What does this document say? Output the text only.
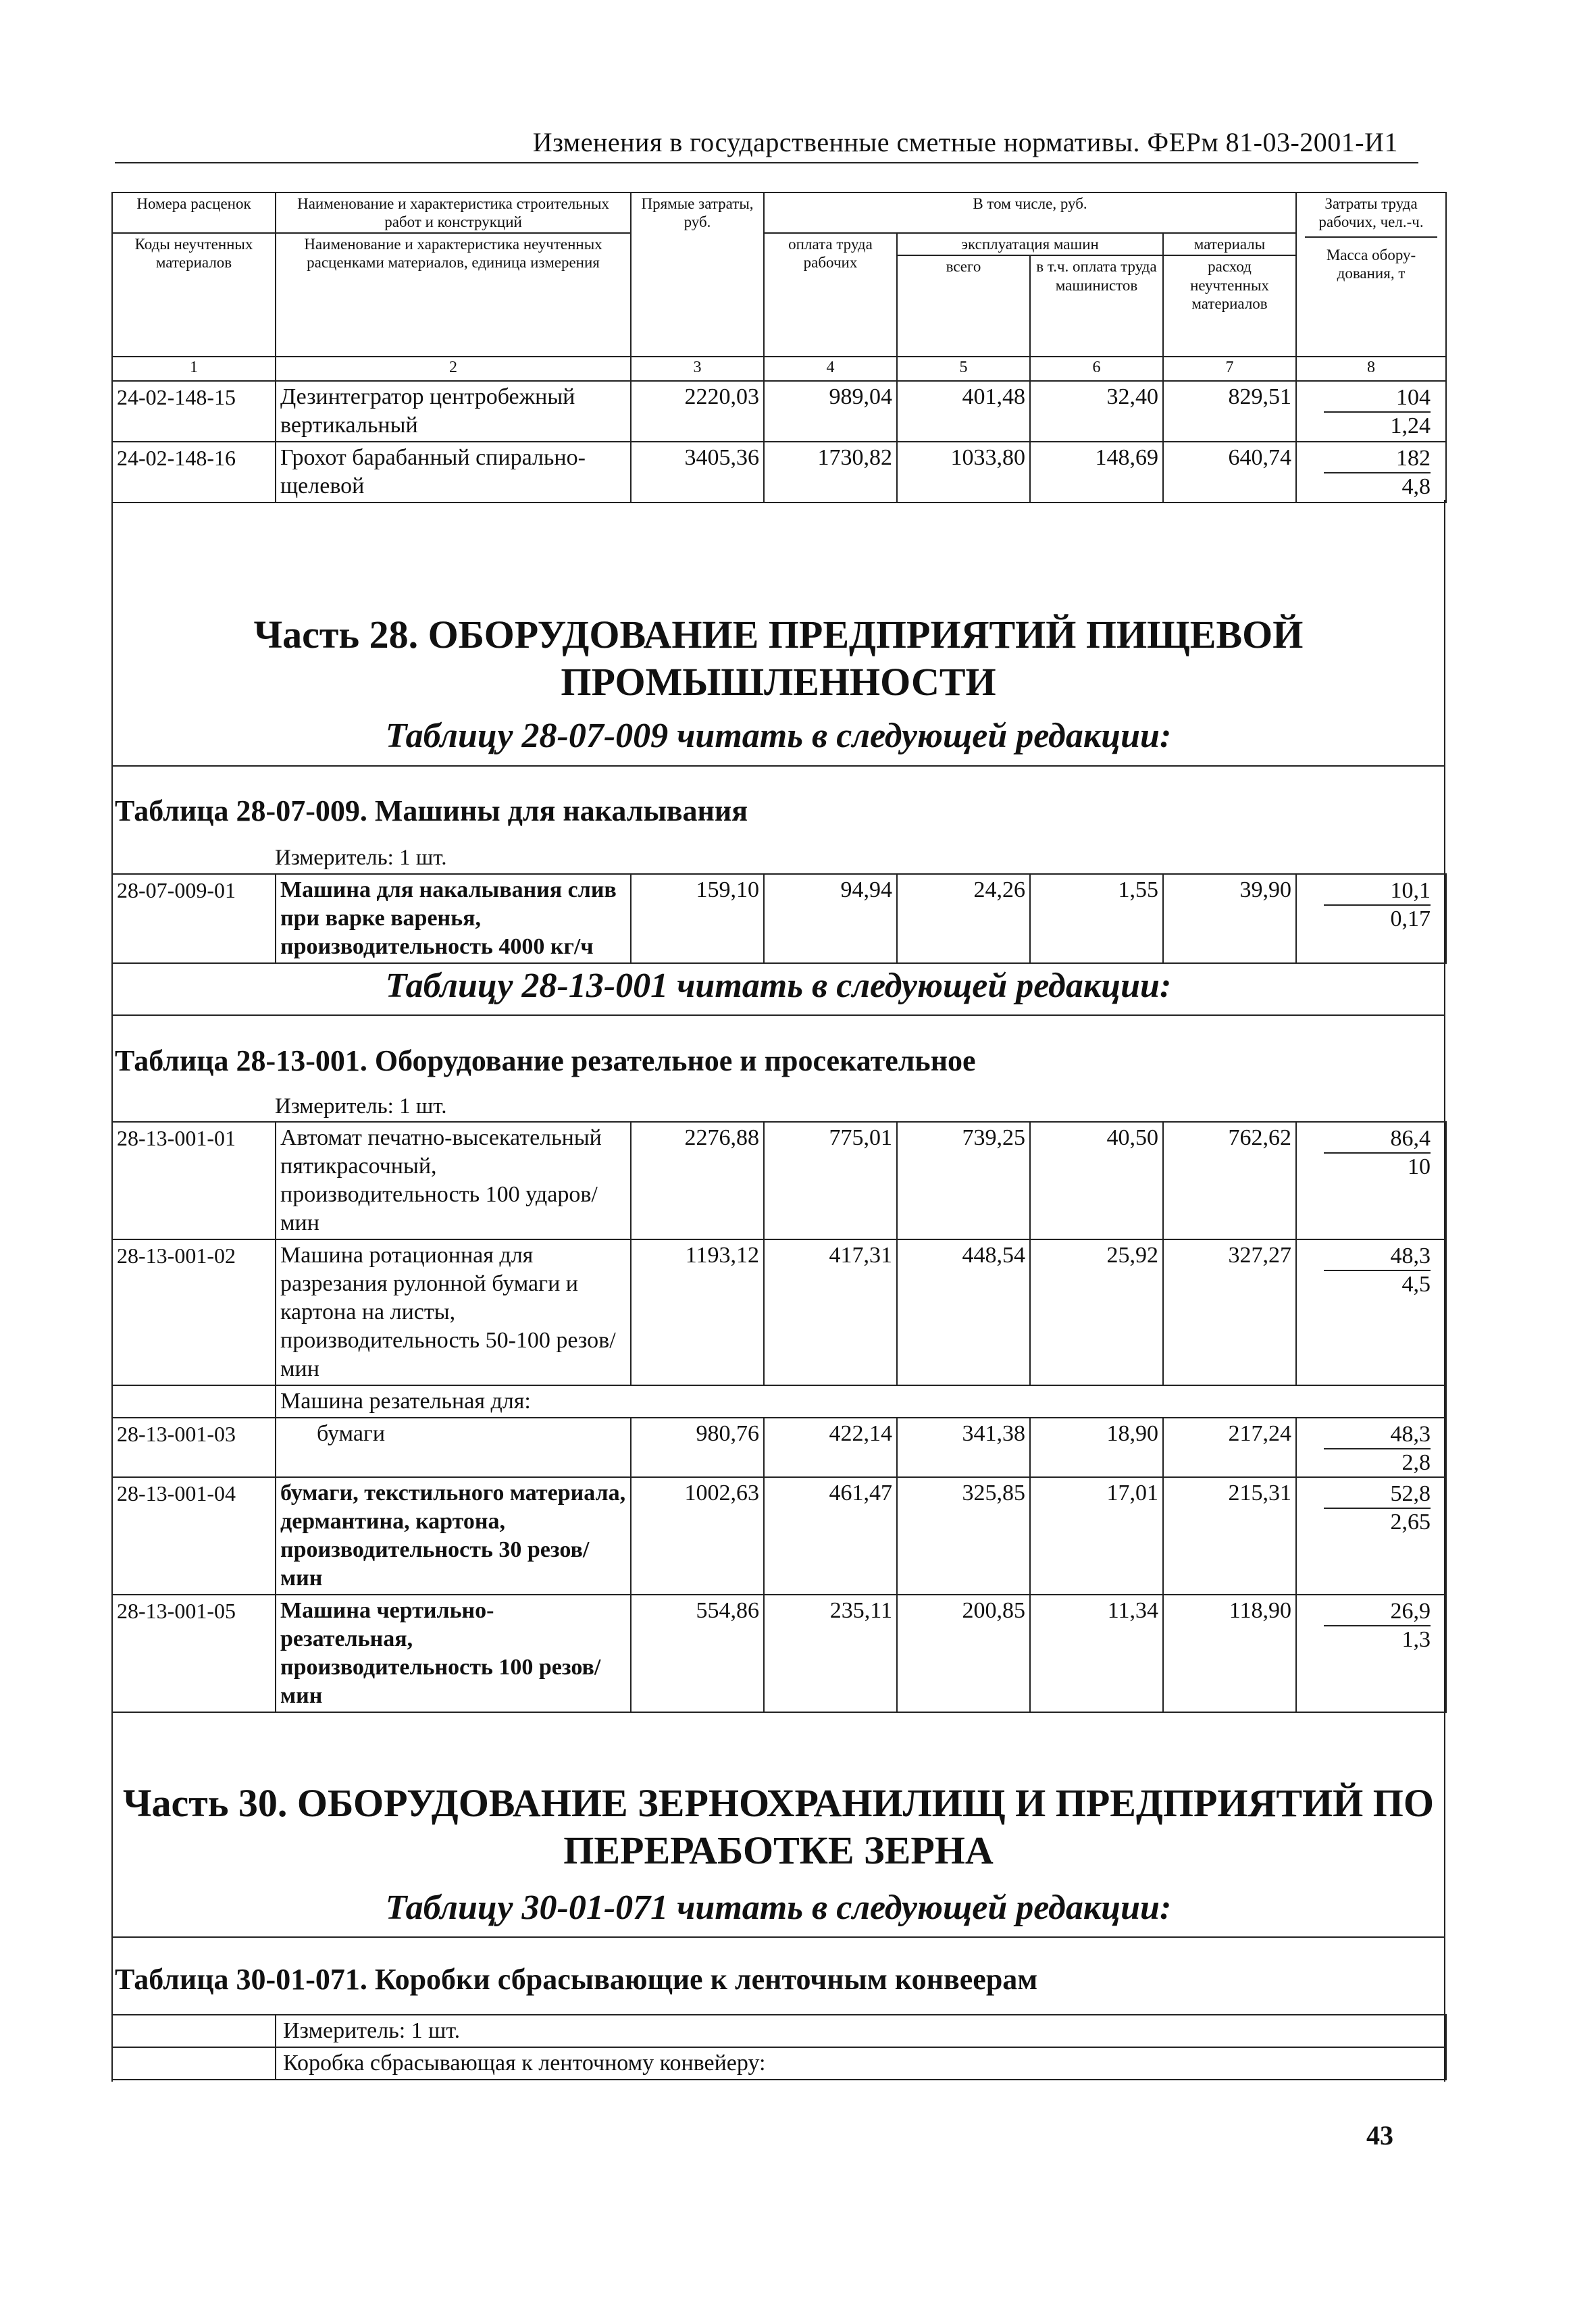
Изменения в государственные сметные нормативы. ФЕРм 81-03-2001-И1
Номера расценок	Наименование и характеристика строительных работ и конструкций	Прямые затраты, руб.	В том числе, руб.				Затраты труда рабочих, чел.-ч.
Масса обору-дования, т

Коды неучтенных материалов	Наименование и характеристика неучтенных расценками материалов, единица измерения		оплата труда рабочих	эксплуатация машин		материалы	
				всего	в т.ч. оплата труда машинистов	расход неучтенных материалов	

1	2	3	4	5	6	7	8
24-02-148-15	Дезинтегратор центробежный вертикальный	2220,03	989,04	401,48	32,40	829,51	104
1,24

24-02-148-16	Грохот барабанный спирально-щелевой	3405,36	1730,82	1033,80	148,69	640,74	182
4,8
Часть 28. ОБОРУДОВАНИЕ ПРЕДПРИЯТИЙ ПИЩЕВОЙ ПРОМЫШЛЕННОСТИ
Таблицу 28-07-009 читать в следующей редакции:
Таблица 28-07-009. Машины для накалывания
Измеритель: 1 шт.
28-07-009-01	Машина для накалывания слив при варке варенья, производительность 4000 кг/ч	159,10	94,94	24,26	1,55	39,90	10,1
0,17
Таблицу 28-13-001 читать в следующей редакции:
Таблица 28-13-001. Оборудование резательное и просекательное
Измеритель: 1 шт.
28-13-001-01	Автомат печатно-высекательный пятикрасочный, производительность 100 ударов/мин	2276,88	775,01	739,25	40,50	762,62	86,4
10

28-13-001-02	Машина ротационная для разрезания рулонной бумаги и картона на листы, производительность 50-100 резов/мин	1193,12	417,31	448,54	25,92	327,27	48,3
4,5

	Машина резательная для:						
28-13-001-03	бумаги	980,76	422,14	341,38	18,90	217,24	48,3
2,8

28-13-001-04	бумаги, текстильного материала, дермантина, картона, производительность 30 резов/мин	1002,63	461,47	325,85	17,01	215,31	52,8
2,65

28-13-001-05	Машина чертильно-резательная, производительность 100 резов/мин	554,86	235,11	200,85	11,34	118,90	26,9
1,3
Часть 30. ОБОРУДОВАНИЕ ЗЕРНОХРАНИЛИЩ И ПРЕДПРИЯТИЙ ПО ПЕРЕРАБОТКЕ ЗЕРНА
Таблицу 30-01-071 читать в следующей редакции:
Таблица 30-01-071. Коробки сбрасывающие к ленточным конвеерам
	Измеритель: 1 шт.
	Коробка сбрасывающая к ленточному конвейеру:
43
